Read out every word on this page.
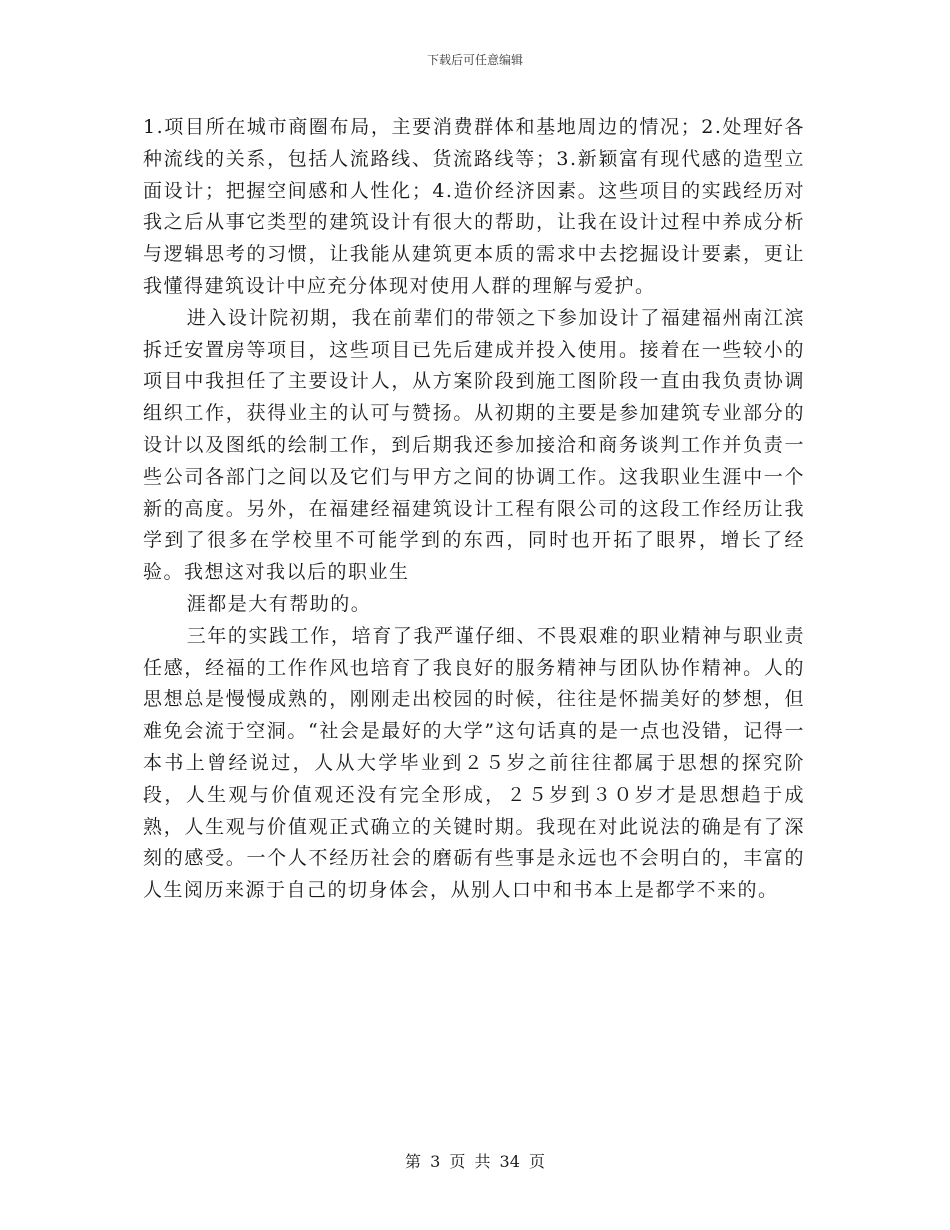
下载后可任意编辑

1.项目所在城市商圈布局，主要消费群体和基地周边的情况；2.处理好各种流线的关系，包括人流路线、货流路线等；3.新颖富有现代感的造型立面设计；把握空间感和人性化；4.造价经济因素。这些项目的实践经历对我之后从事它类型的建筑设计有很大的帮助，让我在设计过程中养成分析与逻辑思考的习惯，让我能从建筑更本质的需求中去挖掘设计要素，更让我懂得建筑设计中应充分体现对使用人群的理解与爱护。

进入设计院初期，我在前辈们的带领之下参加设计了福建福州南江滨拆迁安置房等项目，这些项目已先后建成并投入使用。接着在一些较小的项目中我担任了主要设计人，从方案阶段到施工图阶段一直由我负责协调组织工作，获得业主的认可与赞扬。从初期的主要是参加建筑专业部分的设计以及图纸的绘制工作，到后期我还参加接洽和商务谈判工作并负责一些公司各部门之间以及它们与甲方之间的协调工作。这我职业生涯中一个新的高度。另外，在福建经福建筑设计工程有限公司的这段工作经历让我学到了很多在学校里不可能学到的东西，同时也开拓了眼界，增长了经验。我想这对我以后的职业生

涯都是大有帮助的。

三年的实践工作，培育了我严谨仔细、不畏艰难的职业精神与职业责任感，经福的工作作风也培育了我良好的服务精神与团队协作精神。人的思想总是慢慢成熟的，刚刚走出校园的时候，往往是怀揣美好的梦想，但难免会流于空洞。“社会是最好的大学”这句话真的是一点也没错，记得一本书上曾经说过，人从大学毕业到２５岁之前往往都属于思想的探究阶段，人生观与价值观还没有完全形成，２５岁到３０岁才是思想趋于成熟，人生观与价值观正式确立的关键时期。我现在对此说法的确是有了深刻的感受。一个人不经历社会的磨砺有些事是永远也不会明白的，丰富的人生阅历来源于自己的切身体会，从别人口中和书本上是都学不来的。

第 3 页 共 34 页
